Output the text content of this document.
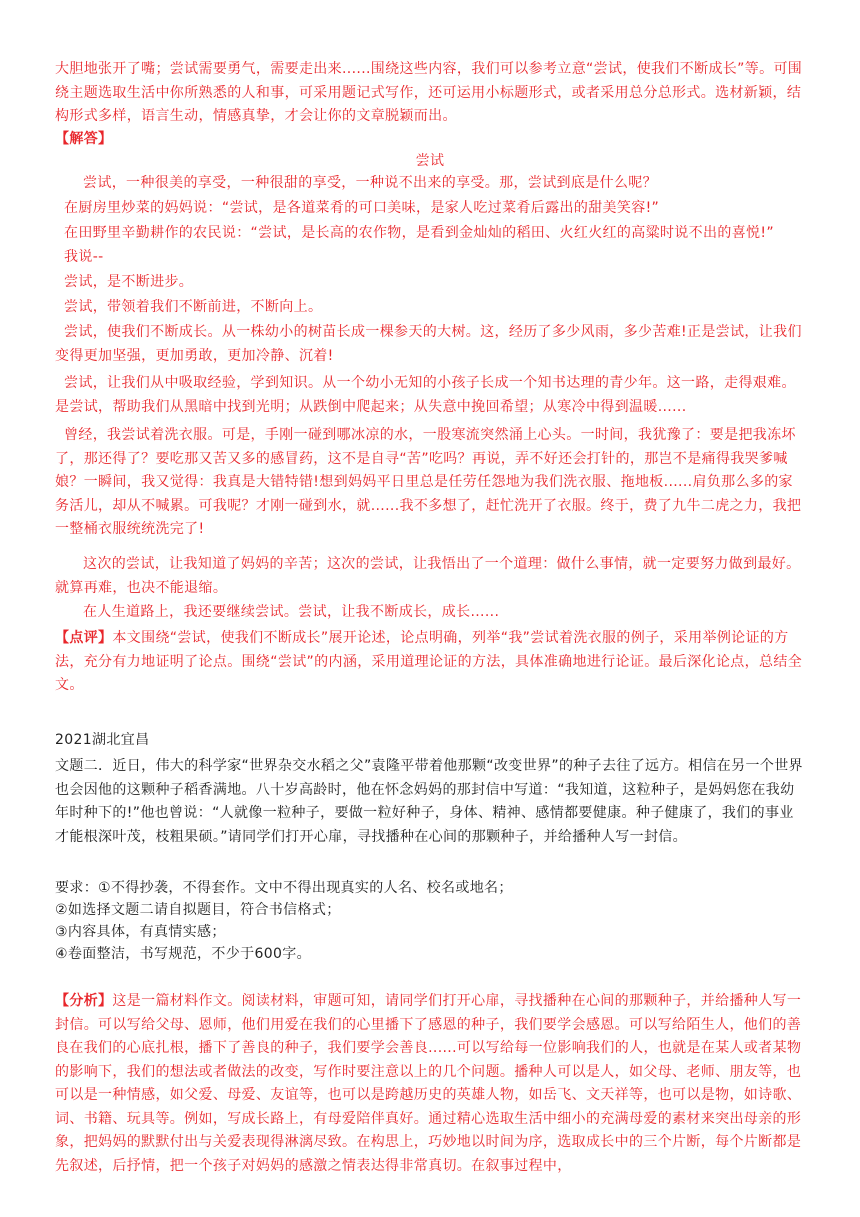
大胆地张开了嘴；尝试需要勇气，需要走出来......围绕这些内容，我们可以参考立意“尝试，使我们不断成长”等。可围绕主题选取生活中你所熟悉的人和事，可采用题记式写作，还可运用小标题形式，或者采用总分总形式。选材新颖，结构形式多样，语言生动，情感真挚，才会让你的文章脱颖而出。

【解答】

尝试

尝试，一种很美的享受，一种很甜的享受，一种说不出来的享受。那，尝试到底是什么呢？

在厨房里炒菜的妈妈说：“尝试，是各道菜肴的可口美味，是家人吃过菜肴后露出的甜美笑容!”

在田野里辛勤耕作的农民说：“尝试，是长高的农作物，是看到金灿灿的稻田、火红火红的高粱时说不出的喜悦!”

我说--

尝试，是不断进步。

尝试，带领着我们不断前进，不断向上。

尝试，使我们不断成长。从一株幼小的树苗长成一棵参天的大树。这，经历了多少风雨，多少苦难!正是尝试，让我们变得更加坚强，更加勇敢，更加冷静、沉着!

尝试，让我们从中吸取经验，学到知识。从一个幼小无知的小孩子长成一个知书达理的青少年。这一路，走得艰难。是尝试，帮助我们从黑暗中找到光明；从跌倒中爬起来；从失意中挽回希望；从寒冷中得到温暖......

曾经，我尝试着洗衣服。可是，手刚一碰到哪冰凉的水，一股寒流突然涌上心头。一时间，我犹豫了：要是把我冻坏了，那还得了？要吃那又苦又多的感冒药，这不是自寻“苦”吃吗？再说，弄不好还会打针的，那岂不是痛得我哭爹喊娘？一瞬间，我又觉得：我真是大错特错!想到妈妈平日里总是任劳任怨地为我们洗衣服、拖地板......肩负那么多的家务活儿，却从不喊累。可我呢？才刚一碰到水，就......我不多想了，赶忙洗开了衣服。终于，费了九牛二虎之力，我把一整桶衣服统统洗完了!

这次的尝试，让我知道了妈妈的辛苦；这次的尝试，让我悟出了一个道理：做什么事情，就一定要努力做到最好。就算再难，也决不能退缩。

在人生道路上，我还要继续尝试。尝试，让我不断成长，成长......

【点评】本文围绕“尝试，使我们不断成长”展开论述，论点明确，列举“我”尝试着洗衣服的例子，采用举例论证的方法，充分有力地证明了论点。围绕“尝试”的内涵，采用道理论证的方法，具体准确地进行论证。最后深化论点，总结全文。

2021湖北宜昌

文题二．近日，伟大的科学家“世界杂交水稻之父”袁隆平带着他那颗“改变世界”的种子去往了远方。相信在另一个世界也会因他的这颗种子稻香满地。八十岁高龄时，他在怀念妈妈的那封信中写道：“我知道，这粒种子，是妈妈您在我幼年时种下的!”他也曾说：“人就像一粒种子，要做一粒好种子，身体、精神、感情都要健康。种子健康了，我们的事业才能根深叶茂，枝粗果硕。”请同学们打开心扉，寻找播种在心间的那颗种子，并给播种人写一封信。

要求：①不得抄袭，不得套作。文中不得出现真实的人名、校名或地名；

②如选择文题二请自拟题目，符合书信格式；

③内容具体，有真情实感；

④卷面整洁，书写规范，不少于600字。

【分析】这是一篇材料作文。阅读材料，审题可知，请同学们打开心扉，寻找播种在心间的那颗种子，并给播种人写一封信。可以写给父母、恩师，他们用爱在我们的心里播下了感恩的种子，我们要学会感恩。可以写给陌生人，他们的善良在我们的心底扎根，播下了善良的种子，我们要学会善良......可以写给每一位影响我们的人，也就是在某人或者某物的影响下，我们的想法或者做法的改变，写作时要注意以上的几个问题。播种人可以是人，如父母、老师、朋友等，也可以是一种情感，如父爱、母爱、友谊等，也可以是跨越历史的英雄人物，如岳飞、文天祥等，也可以是物，如诗歌、词、书籍、玩具等。例如，写成长路上，有母爱陪伴真好。通过精心选取生活中细小的充满母爱的素材来突出母亲的形象，把妈妈的默默付出与关爱表现得淋漓尽致。在构思上，巧妙地以时间为序，选取成长中的三个片断，每个片断都是先叙述，后抒情，把一个孩子对妈妈的感激之情表达得非常真切。在叙事过程中，
